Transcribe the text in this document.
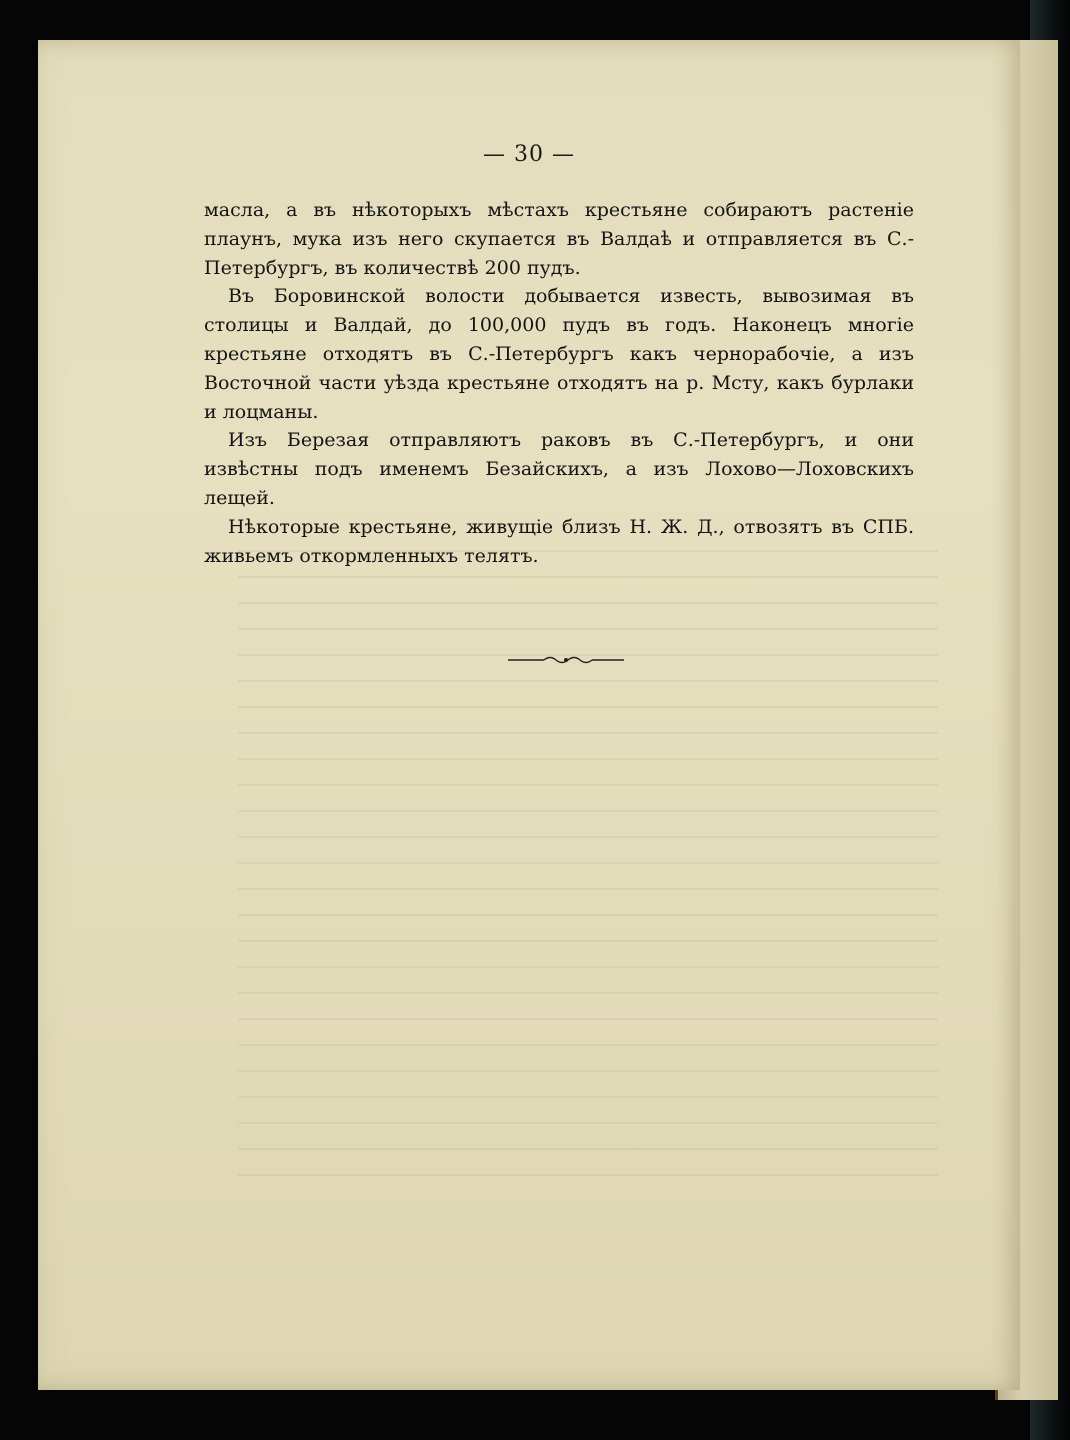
— 30 —

масла, а въ нѣкоторыхъ мѣстахъ крестьяне собираютъ растеніе плаунъ, мука изъ него скупается въ Валдаѣ и отправляется въ С.-Петербургъ, въ количествѣ 200 пудъ.

Въ Боровинской волости добывается известь, вывозимая въ столицы и Валдай, до 100,000 пудъ въ годъ. Наконецъ многіе крестьяне отходятъ въ С.-Петербургъ какъ чернорабочіе, а изъ Восточной части уѣзда крестьяне отходятъ на р. Мсту, какъ бурлаки и лоцманы.

Изъ Березая отправляютъ раковъ въ С.-Петербургъ, и они извѣстны подъ именемъ Безайскихъ, а изъ Лохово—Лоховскихъ лещей.

Нѣкоторые крестьяне, живущіе близъ Н. Ж. Д., отвозятъ въ СПБ. живьемъ откормленныхъ телятъ.
